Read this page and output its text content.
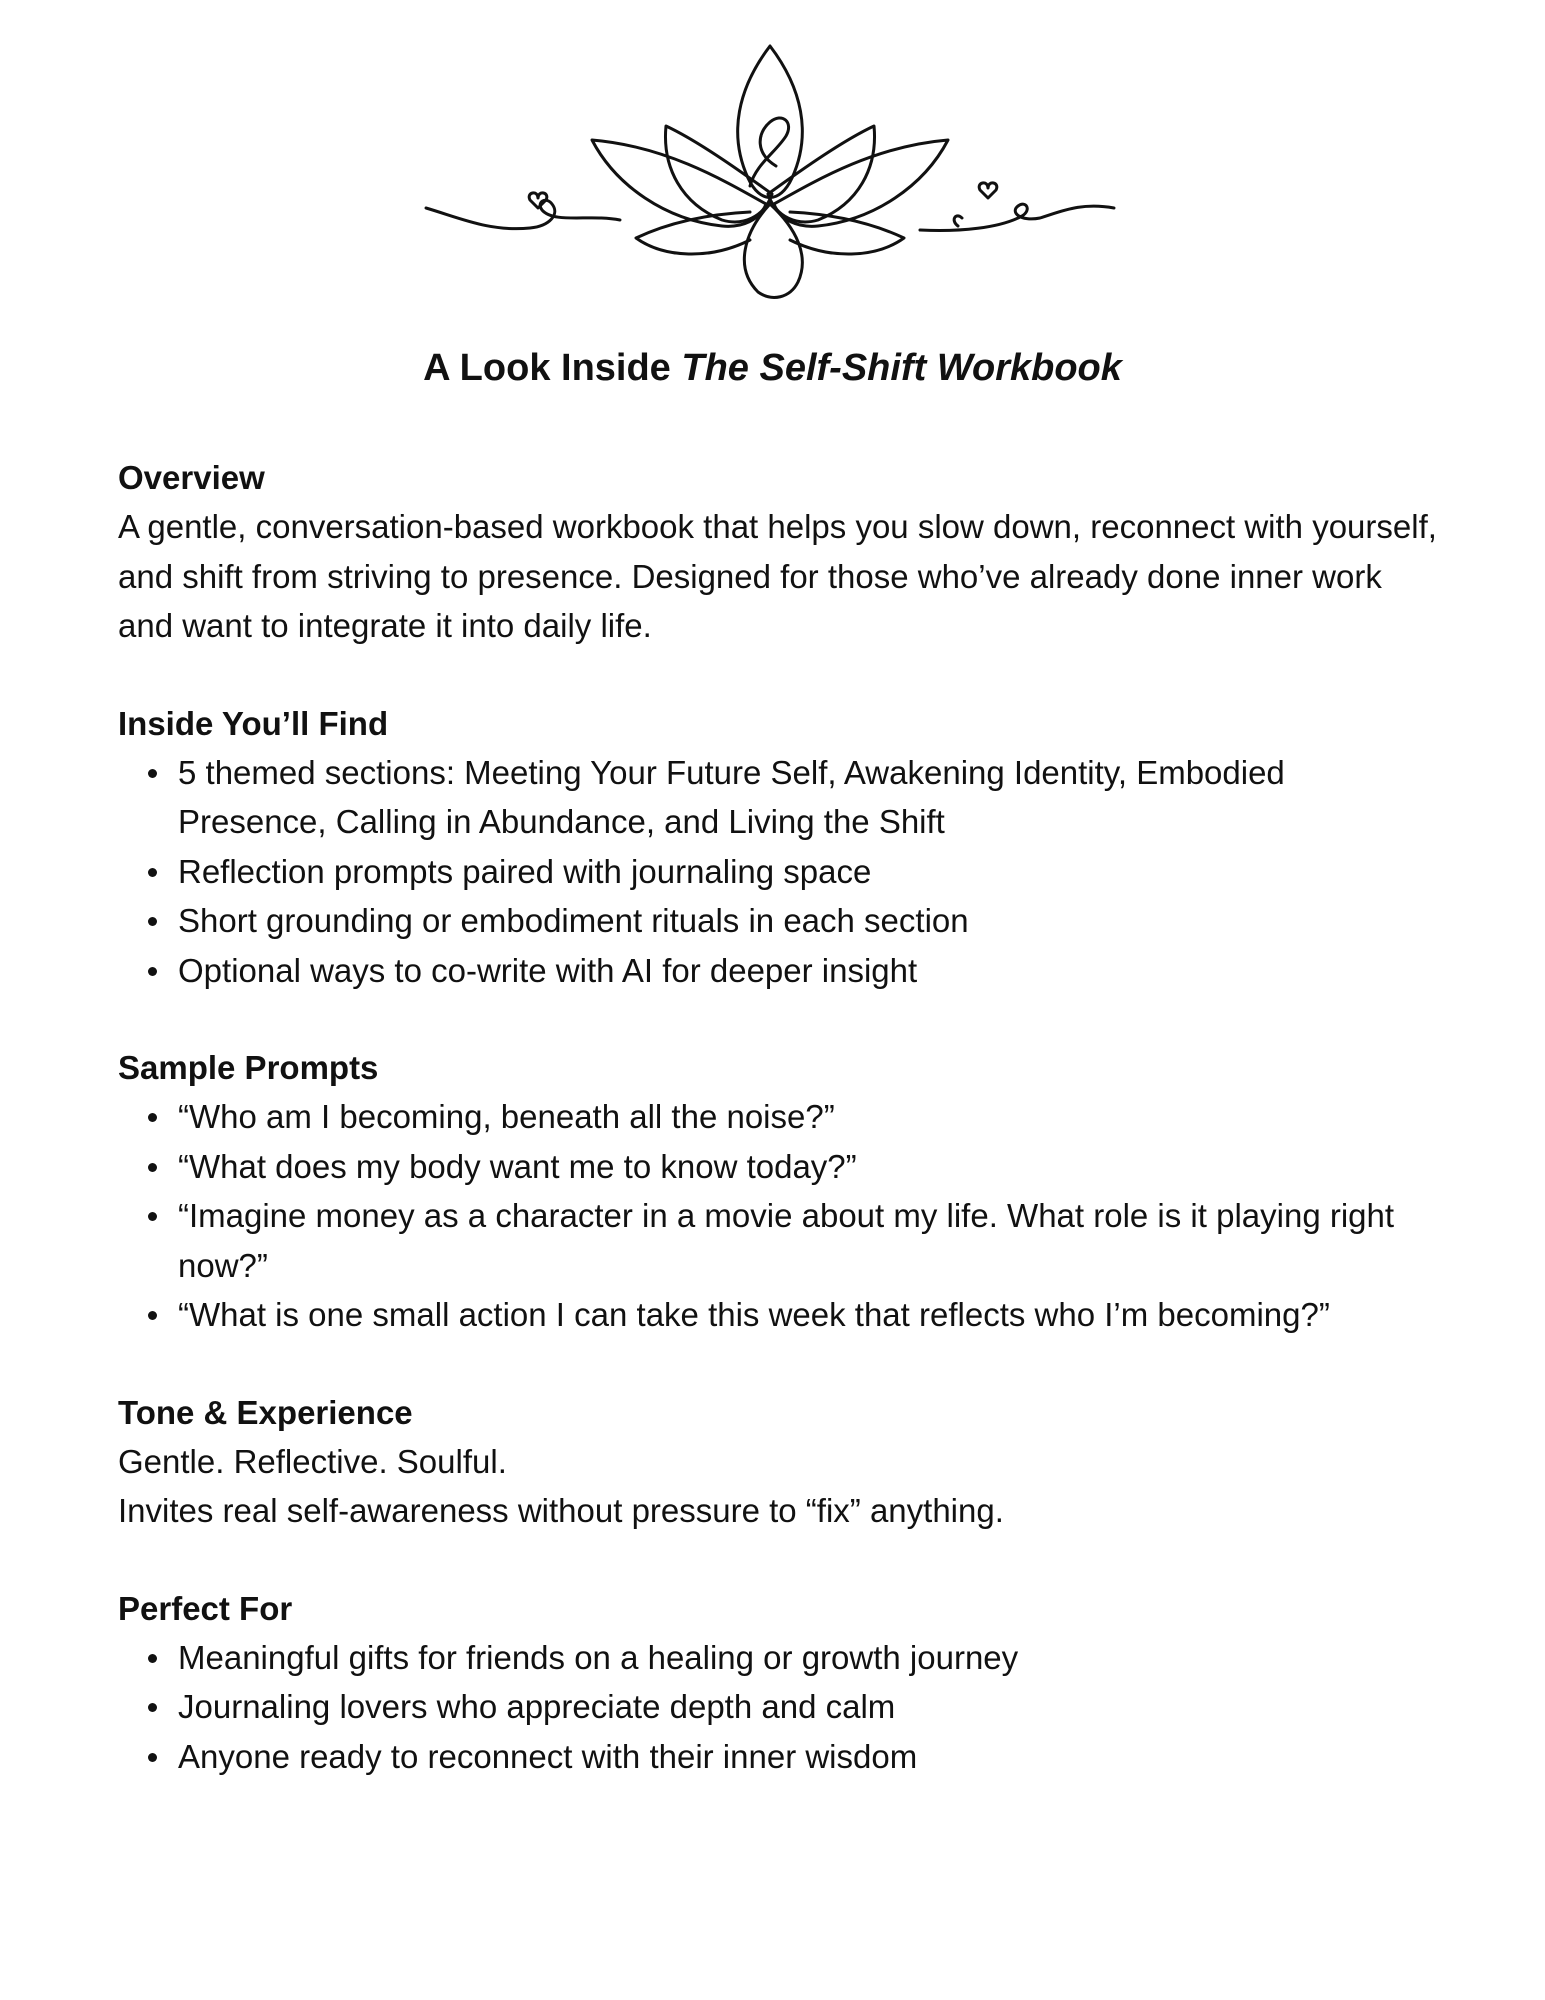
A Look Inside The Self-Shift Workbook
Overview

A gentle, conversation-based workbook that helps you slow down, reconnect with yourself, and shift from striving to presence. Designed for those who’ve already done inner work and want to integrate it into daily life.

Inside You’ll Find
5 themed sections: Meeting Your Future Self, Awakening Identity, Embodied Presence, Calling in Abundance, and Living the Shift
Reflection prompts paired with journaling space
Short grounding or embodiment rituals in each section
Optional ways to co-write with AI for deeper insight
Sample Prompts
“Who am I becoming, beneath all the noise?”
“What does my body want me to know today?”
“Imagine money as a character in a movie about my life. What role is it playing right now?”
“What is one small action I can take this week that reflects who I’m becoming?”
Tone & Experience

Gentle. Reflective. Soulful.

Invites real self-awareness without pressure to “fix” anything.

Perfect For
Meaningful gifts for friends on a healing or growth journey
Journaling lovers who appreciate depth and calm
Anyone ready to reconnect with their inner wisdom
